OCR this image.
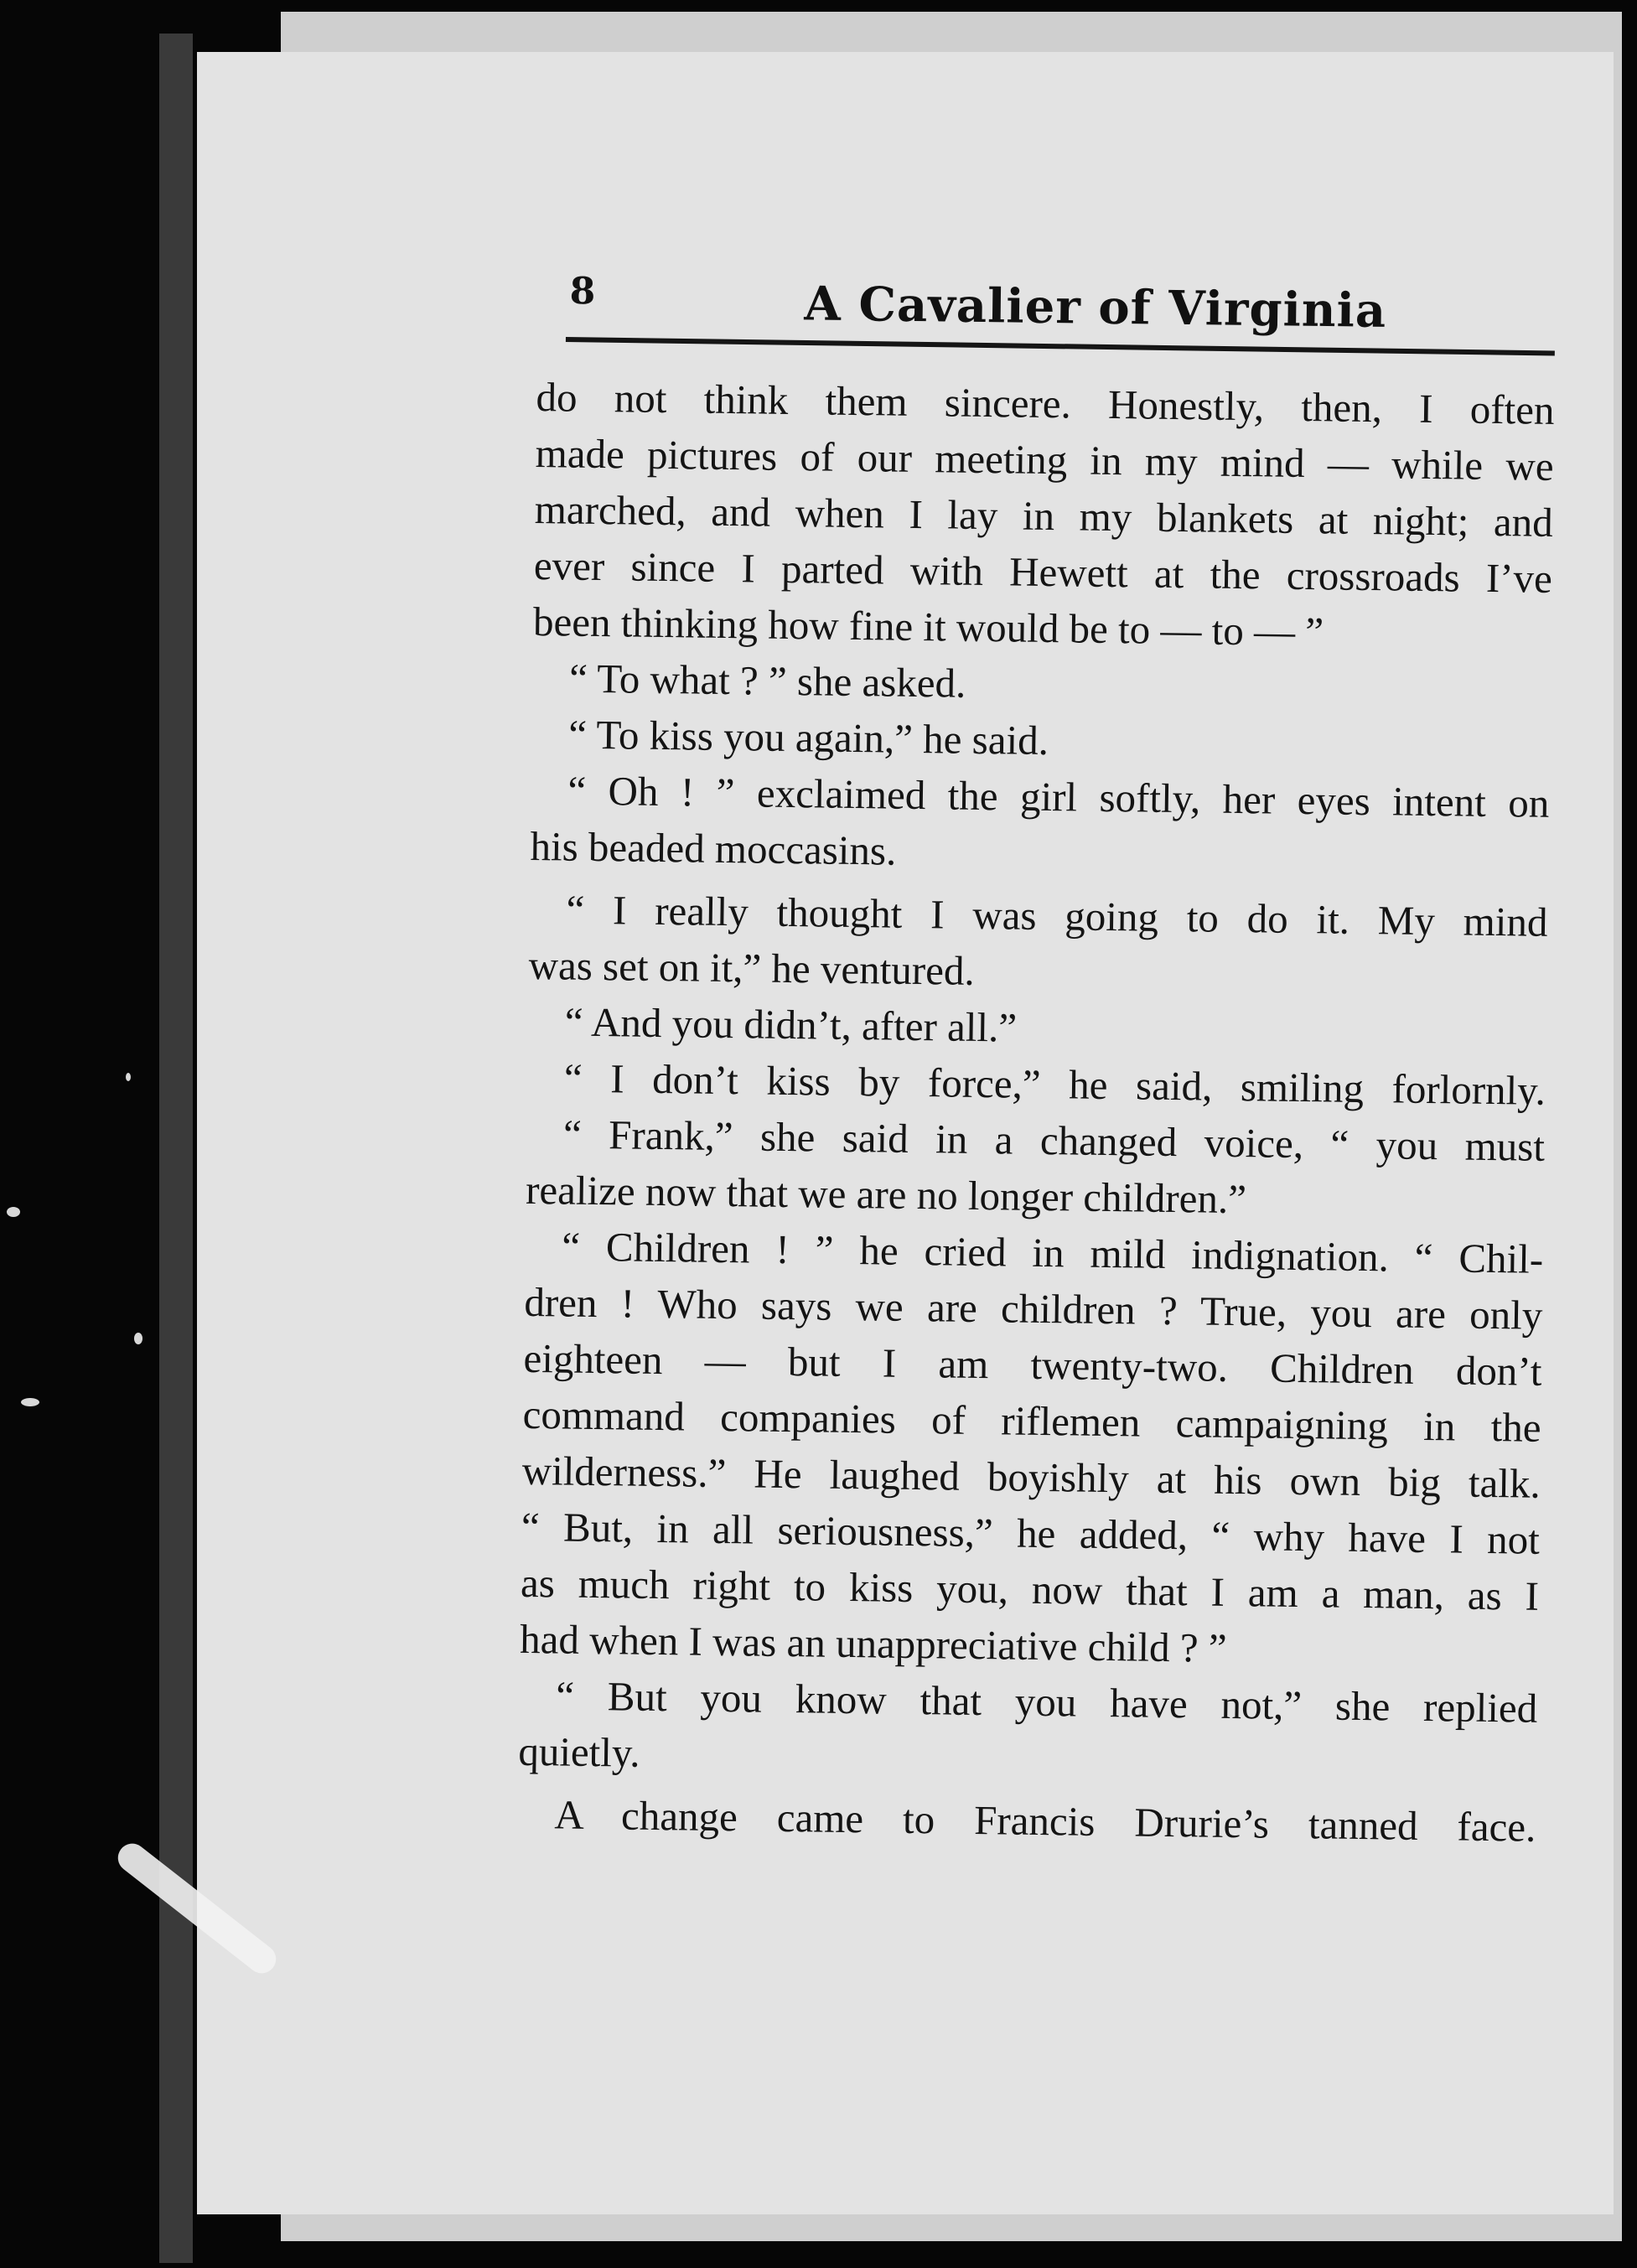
8	A Cavalier of Virginia
do not think them sincere. Honestly, then, I often
made pictures of our meeting in my mind — while we
marched, and when I lay in my blankets at night; and
ever since I parted with Hewett at the crossroads I’ve
been thinking how fine it would be to — to — ”
“ To what ? ” she asked.
“ To kiss you again,” he said.
“ Oh ! ” exclaimed the girl softly, her eyes intent on
his beaded moccasins.
“ I really thought I was going to do it. My mind
was set on it,” he ventured.
“ And you didn’t, after all.”
“ I don’t kiss by force,” he said, smiling forlornly.
“ Frank,” she said in a changed voice, “ you must
realize now that we are no longer children.”
“ Children ! ” he cried in mild indignation. “ Chil-
dren ! Who says we are children ? True, you are only
eighteen — but I am twenty-two. Children don’t
command companies of riflemen campaigning in the
wilderness.” He laughed boyishly at his own big talk.
“ But, in all seriousness,” he added, “ why have I not
as much right to kiss you, now that I am a man, as I
had when I was an unappreciative child ? ”
“ But you know that you have not,” she replied
quietly.
A change came to Francis Drurie’s tanned face.
